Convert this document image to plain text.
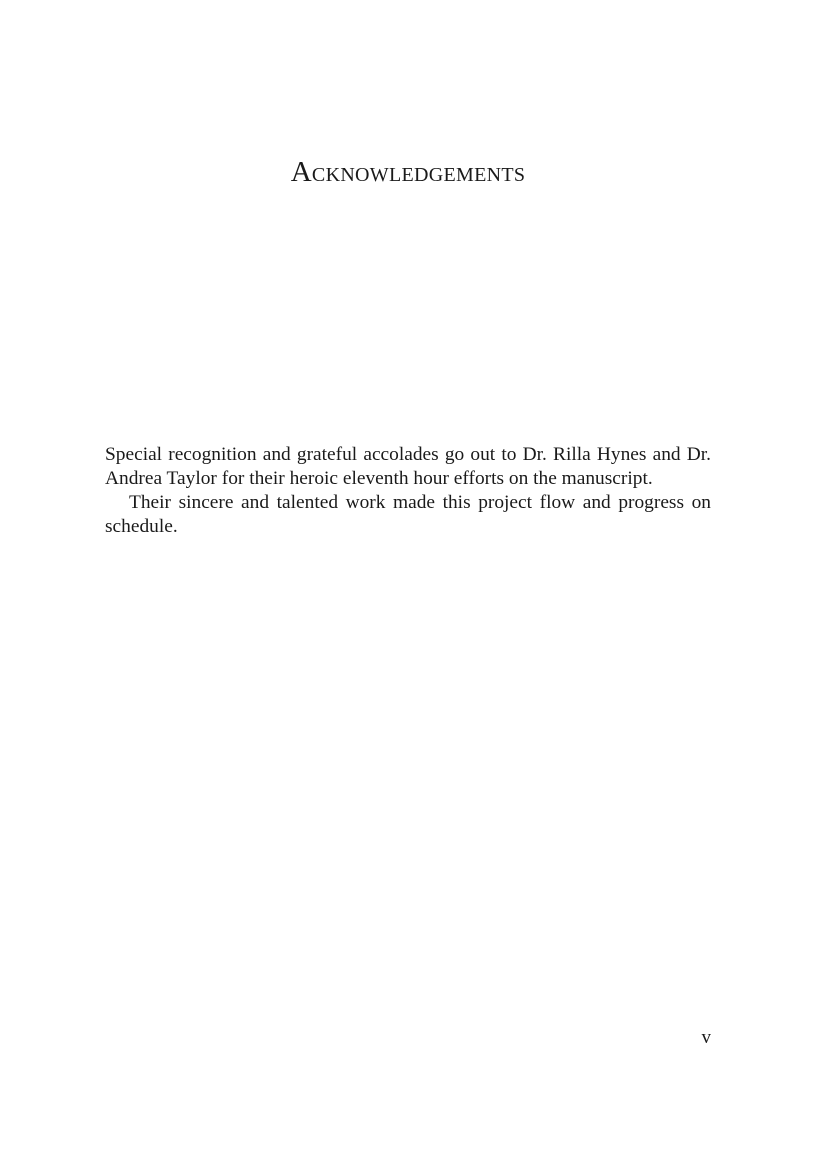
Acknowledgements

Special recognition and grateful accolades go out to Dr. Rilla Hynes and Dr. Andrea Taylor for their heroic eleventh hour efforts on the manuscript.

Their sincere and talented work made this project flow and progress on schedule.

v
